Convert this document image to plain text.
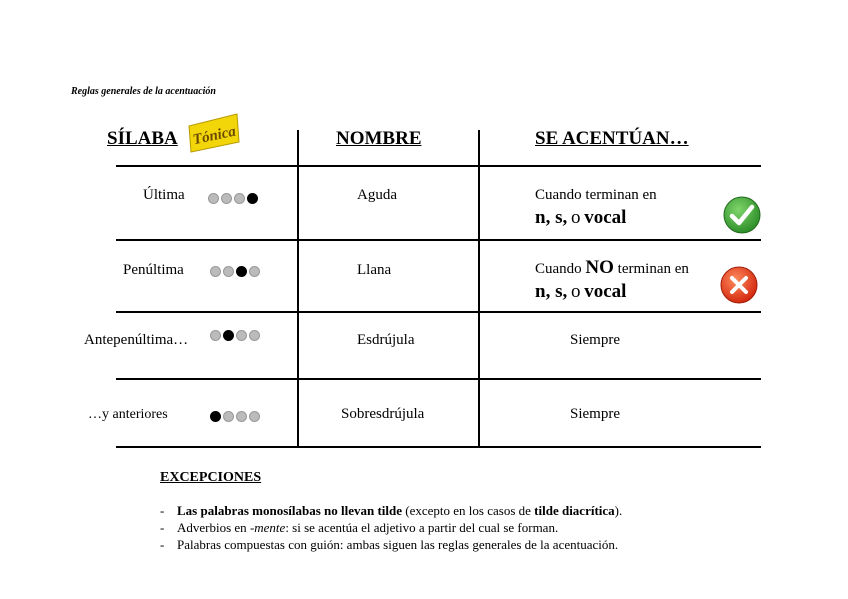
Reglas generales de la acentuación
SÍLABA Tónica	NOMBRE	SE ACENTÚAN…
Última	Aguda	Cuando terminan en
n, s, o vocal
Penúltima	Llana	Cuando NO terminan en
n, s, o vocal
Antepenúltima…	Esdrújula	Siempre
…y anteriores	Sobresdrújula	Siempre
EXCEPCIONES
- Las palabras monosílabas no llevan tilde (excepto en los casos de tilde diacrítica).
- Adverbios en -mente: si se acentúa el adjetivo a partir del cual se forman.
- Palabras compuestas con guión: ambas siguen las reglas generales de la acentuación.
